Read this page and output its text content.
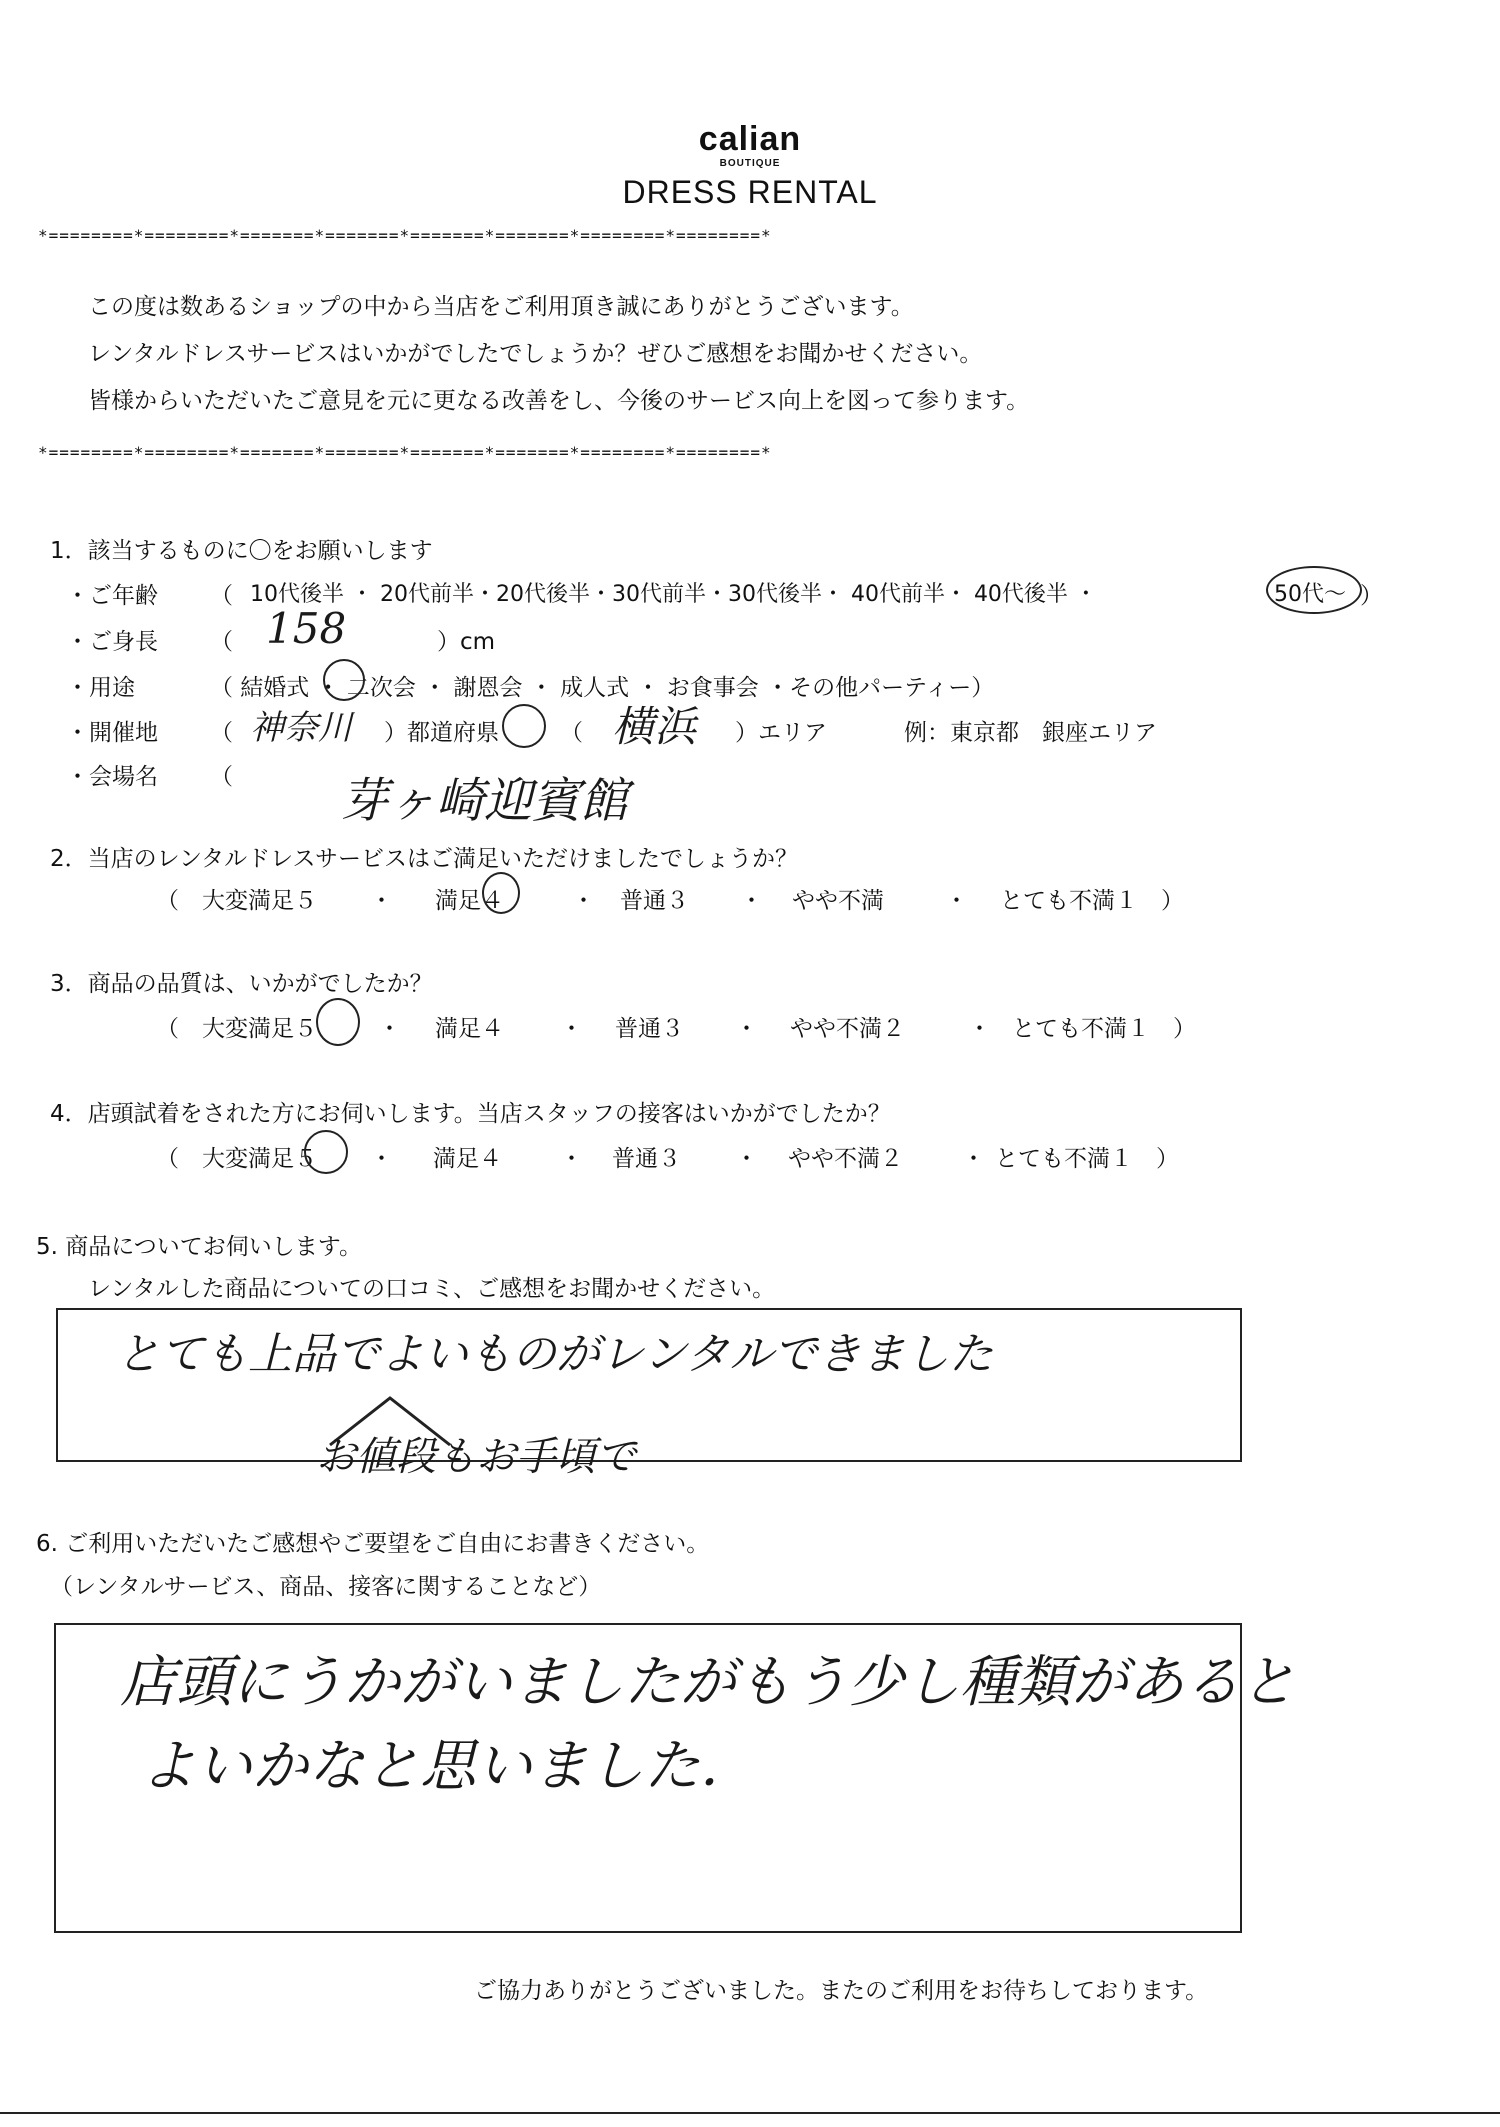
calian
BOUTIQUE
DRESS RENTAL
*========*========*=======*=======*=======*=======*========*========*
この度は数あるショップの中から当店をご利用頂き誠にありがとうございます。
レンタルドレスサービスはいかがでしたでしょうか？ぜひご感想をお聞かせください。
皆様からいただいたご意見を元に更なる改善をし、今後のサービス向上を図って参ります。
*========*========*=======*=======*=======*=======*========*========*
1．該当するものに〇をお願いします
・ご年齢 （ 10代後半 ・ 20代前半・20代後半・30代前半・30代後半・ 40代前半・ 40代後半 ・	50代〜 ）
・ご身長 （ 158	）cm
・用途	（ 結婚式 ・ 二次会 ・ 謝恩会 ・ 成人式 ・ お食事会 ・その他パーティー）
・開催地 （ 神奈川 ）都道府県	（ 横浜 ）エリア	例：東京都　銀座エリア
・会場名 （ 芽ヶ崎迎賓館
2．当店のレンタルドレスサービスはご満足いただけましたでしょうか？
（　大変満足５ ・ 満足４	・ 普通３ ・ やや不満	・ とても不満１　）
3．商品の品質は、いかがでしたか？
（　大変満足５	・ 満足４ ・ 普通３ ・ やや不満２	・ とても不満１　）
4．店頭試着をされた方にお伺いします。当店スタッフの接客はいかがでしたか？
（　大変満足５ ・ 満足４	・ 普通３ ・ やや不満２	・ とても不満１　）
5. 商品についてお伺いします。
レンタルした商品についての口コミ、ご感想をお聞かせください。
とても上品でよいものがレンタルできました
お値段もお手頃で
6. ご利用いただいたご感想やご要望をご自由にお書きください。
（レンタルサービス、商品、接客に関することなど）
店頭にうかがいましたがもう少し種類があると
よいかなと思いました．
ご協力ありがとうございました。またのご利用をお待ちしております。
